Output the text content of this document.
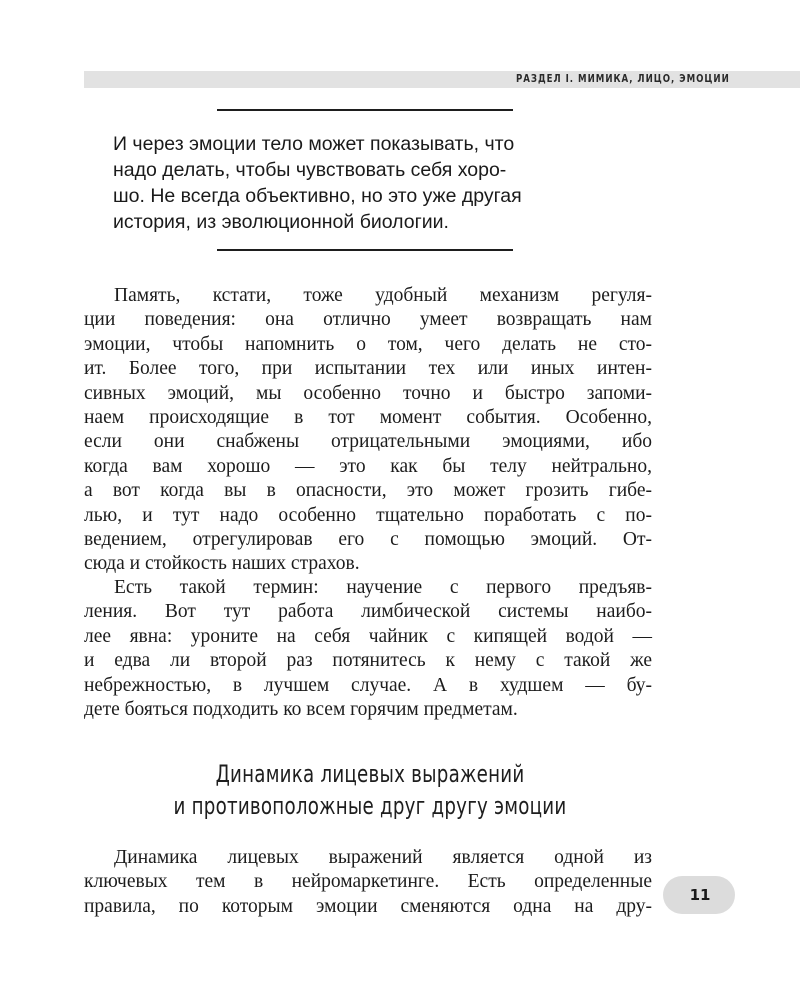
РАЗДЕЛ I. МИМИКА, ЛИЦО, ЭМОЦИИ
И через эмоции тело может показывать, что
надо делать, чтобы чувствовать себя хоро-
шо. Не всегда объективно, но это уже другая
история, из эволюционной биологии.
Память, кстати, тоже удобный механизм регуля-
ции поведения: она отлично умеет возвращать нам
эмоции, чтобы напомнить о том, чего делать не сто-
ит. Более того, при испытании тех или иных интен-
сивных эмоций, мы особенно точно и быстро запоми-
наем происходящие в тот момент события. Особенно,
если они снабжены отрицательными эмоциями, ибо
когда вам хорошо — это как бы телу нейтрально,
а вот когда вы в опасности, это может грозить гибе-
лью, и тут надо особенно тщательно поработать с по-
ведением, отрегулировав его с помощью эмоций. От-
сюда и стойкость наших страхов.
Есть такой термин: научение с первого предъяв-
ления. Вот тут работа лимбической системы наибо-
лее явна: уроните на себя чайник с кипящей водой —
и едва ли второй раз потянитесь к нему с такой же
небрежностью, в лучшем случае. А в худшем — бу-
дете бояться подходить ко всем горячим предметам.
Динамика лицевых выражений
и противоположные друг другу эмоции
Динамика лицевых выражений является одной из
ключевых тем в нейромаркетинге. Есть определенные
правила, по которым эмоции сменяются одна на дру-
11
